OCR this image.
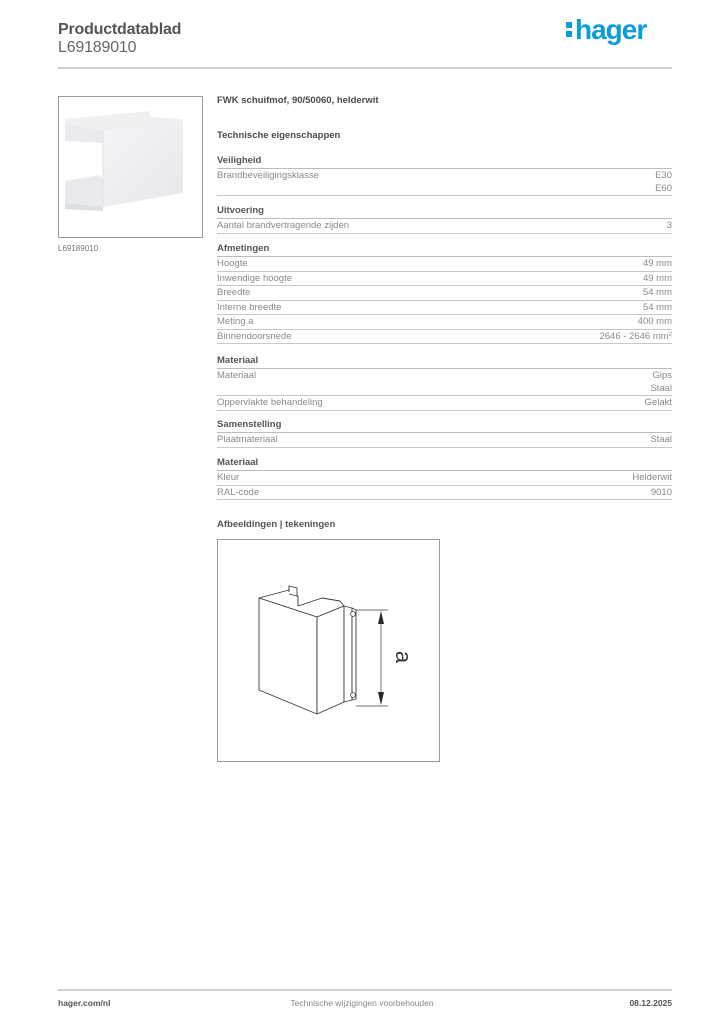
Productdatablad
L69189010
hager
L69189010
FWK schuifmof, 90/50060, helderwit
Technische eigenschappen
Veiligheid
Brandbeveiligingsklasse	E30
E60
Uitvoering
Aantal brandvertragende zijden	3
Afmetingen
Hoogte	49 mm
Inwendige hoogte	49 mm
Breedte	54 mm
Interne breedte	54 mm
Meting a	400 mm
Binnendoorsnede	2646 - 2646 $mm^2$
Materiaal
Materiaal	Gips
Staal
Oppervlakte behandeling	Gelakt
Samenstelling
Plaatmateriaal	Staal
Materiaal
Kleur	Helderwit
RAL-code	9010
Afbeeldingen | tekeningen
a
hager.com/nl	Technische wijzigingen voorbehouden	08.12.2025
